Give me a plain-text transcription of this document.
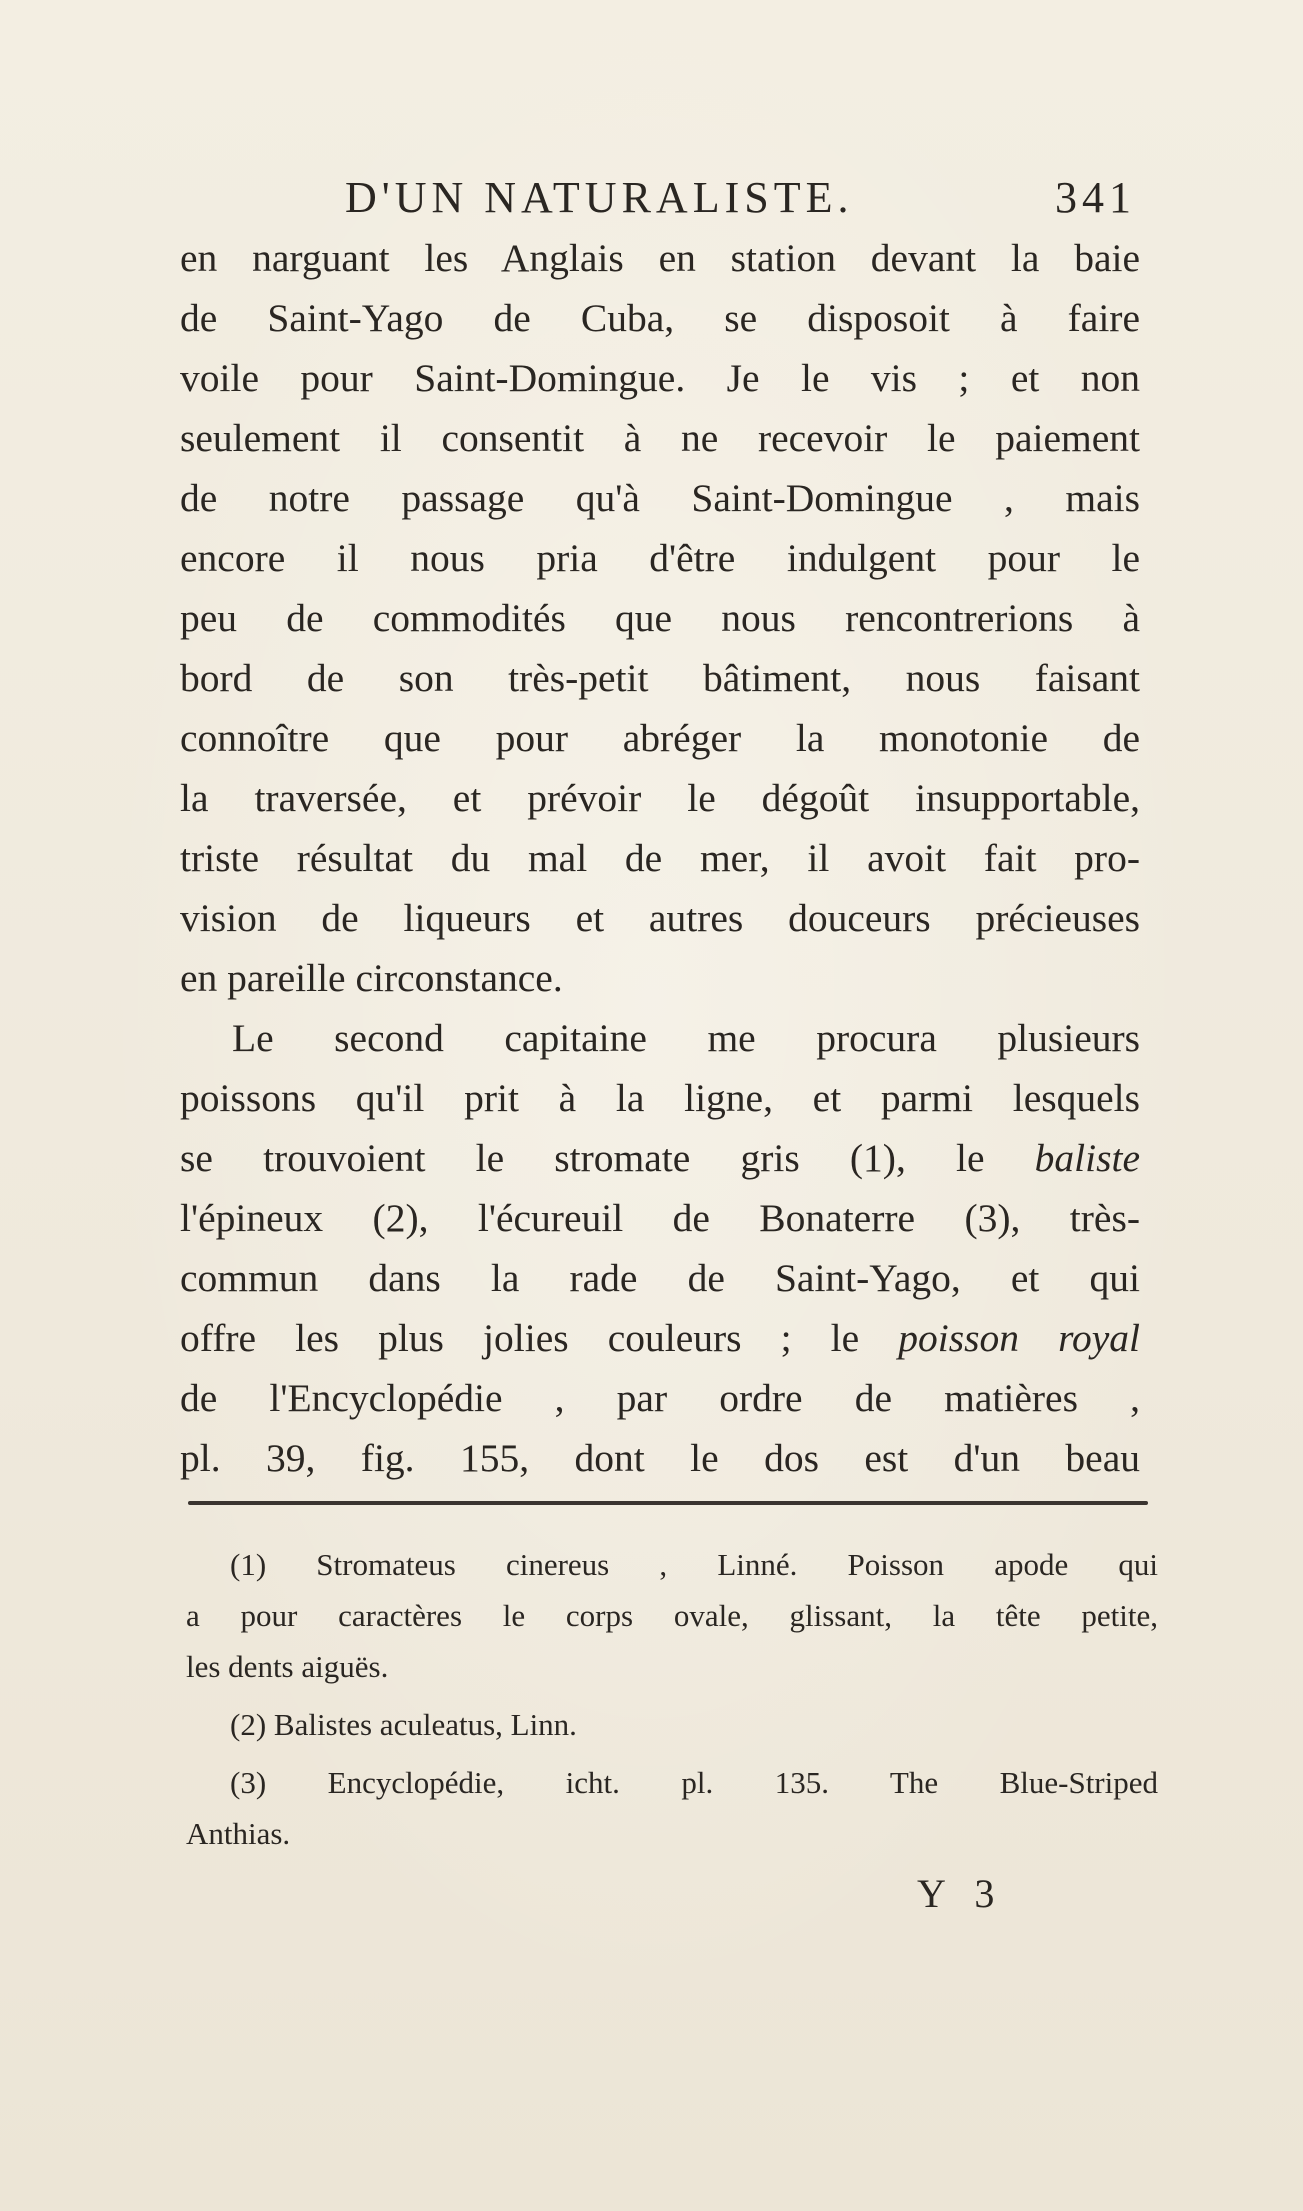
D'UN NATURALISTE.	341
en narguant les Anglais en station devant la baie
de Saint-Yago de Cuba, se disposoit à faire
voile pour Saint-Domingue. Je le vis ; et non
seulement il consentit à ne recevoir le paiement
de notre passage qu'à Saint-Domingue , mais
encore il nous pria d'être indulgent pour le
peu de commodités que nous rencontrerions à
bord de son très-petit bâtiment, nous faisant
connoître que pour abréger la monotonie de
la traversée, et prévoir le dégoût insupportable,
triste résultat du mal de mer, il avoit fait pro-
vision de liqueurs et autres douceurs précieuses
en pareille circonstance.
Le second capitaine me procura plusieurs
poissons qu'il prit à la ligne, et parmi lesquels
se trouvoient le stromate gris (1), le baliste
l'épineux (2), l'écureuil de Bonaterre (3), très-
commun dans la rade de Saint-Yago, et qui
offre les plus jolies couleurs ; le poisson royal
de l'Encyclopédie , par ordre de matières ,
pl. 39, fig. 155, dont le dos est d'un beau
(1) Stromateus cinereus , Linné. Poisson apode qui
a pour caractères le corps ovale, glissant, la tête petite,
les dents aiguës.
(2) Balistes aculeatus, Linn.
(3) Encyclopédie, icht. pl. 135. The Blue-Striped
Anthias.
Y 3
